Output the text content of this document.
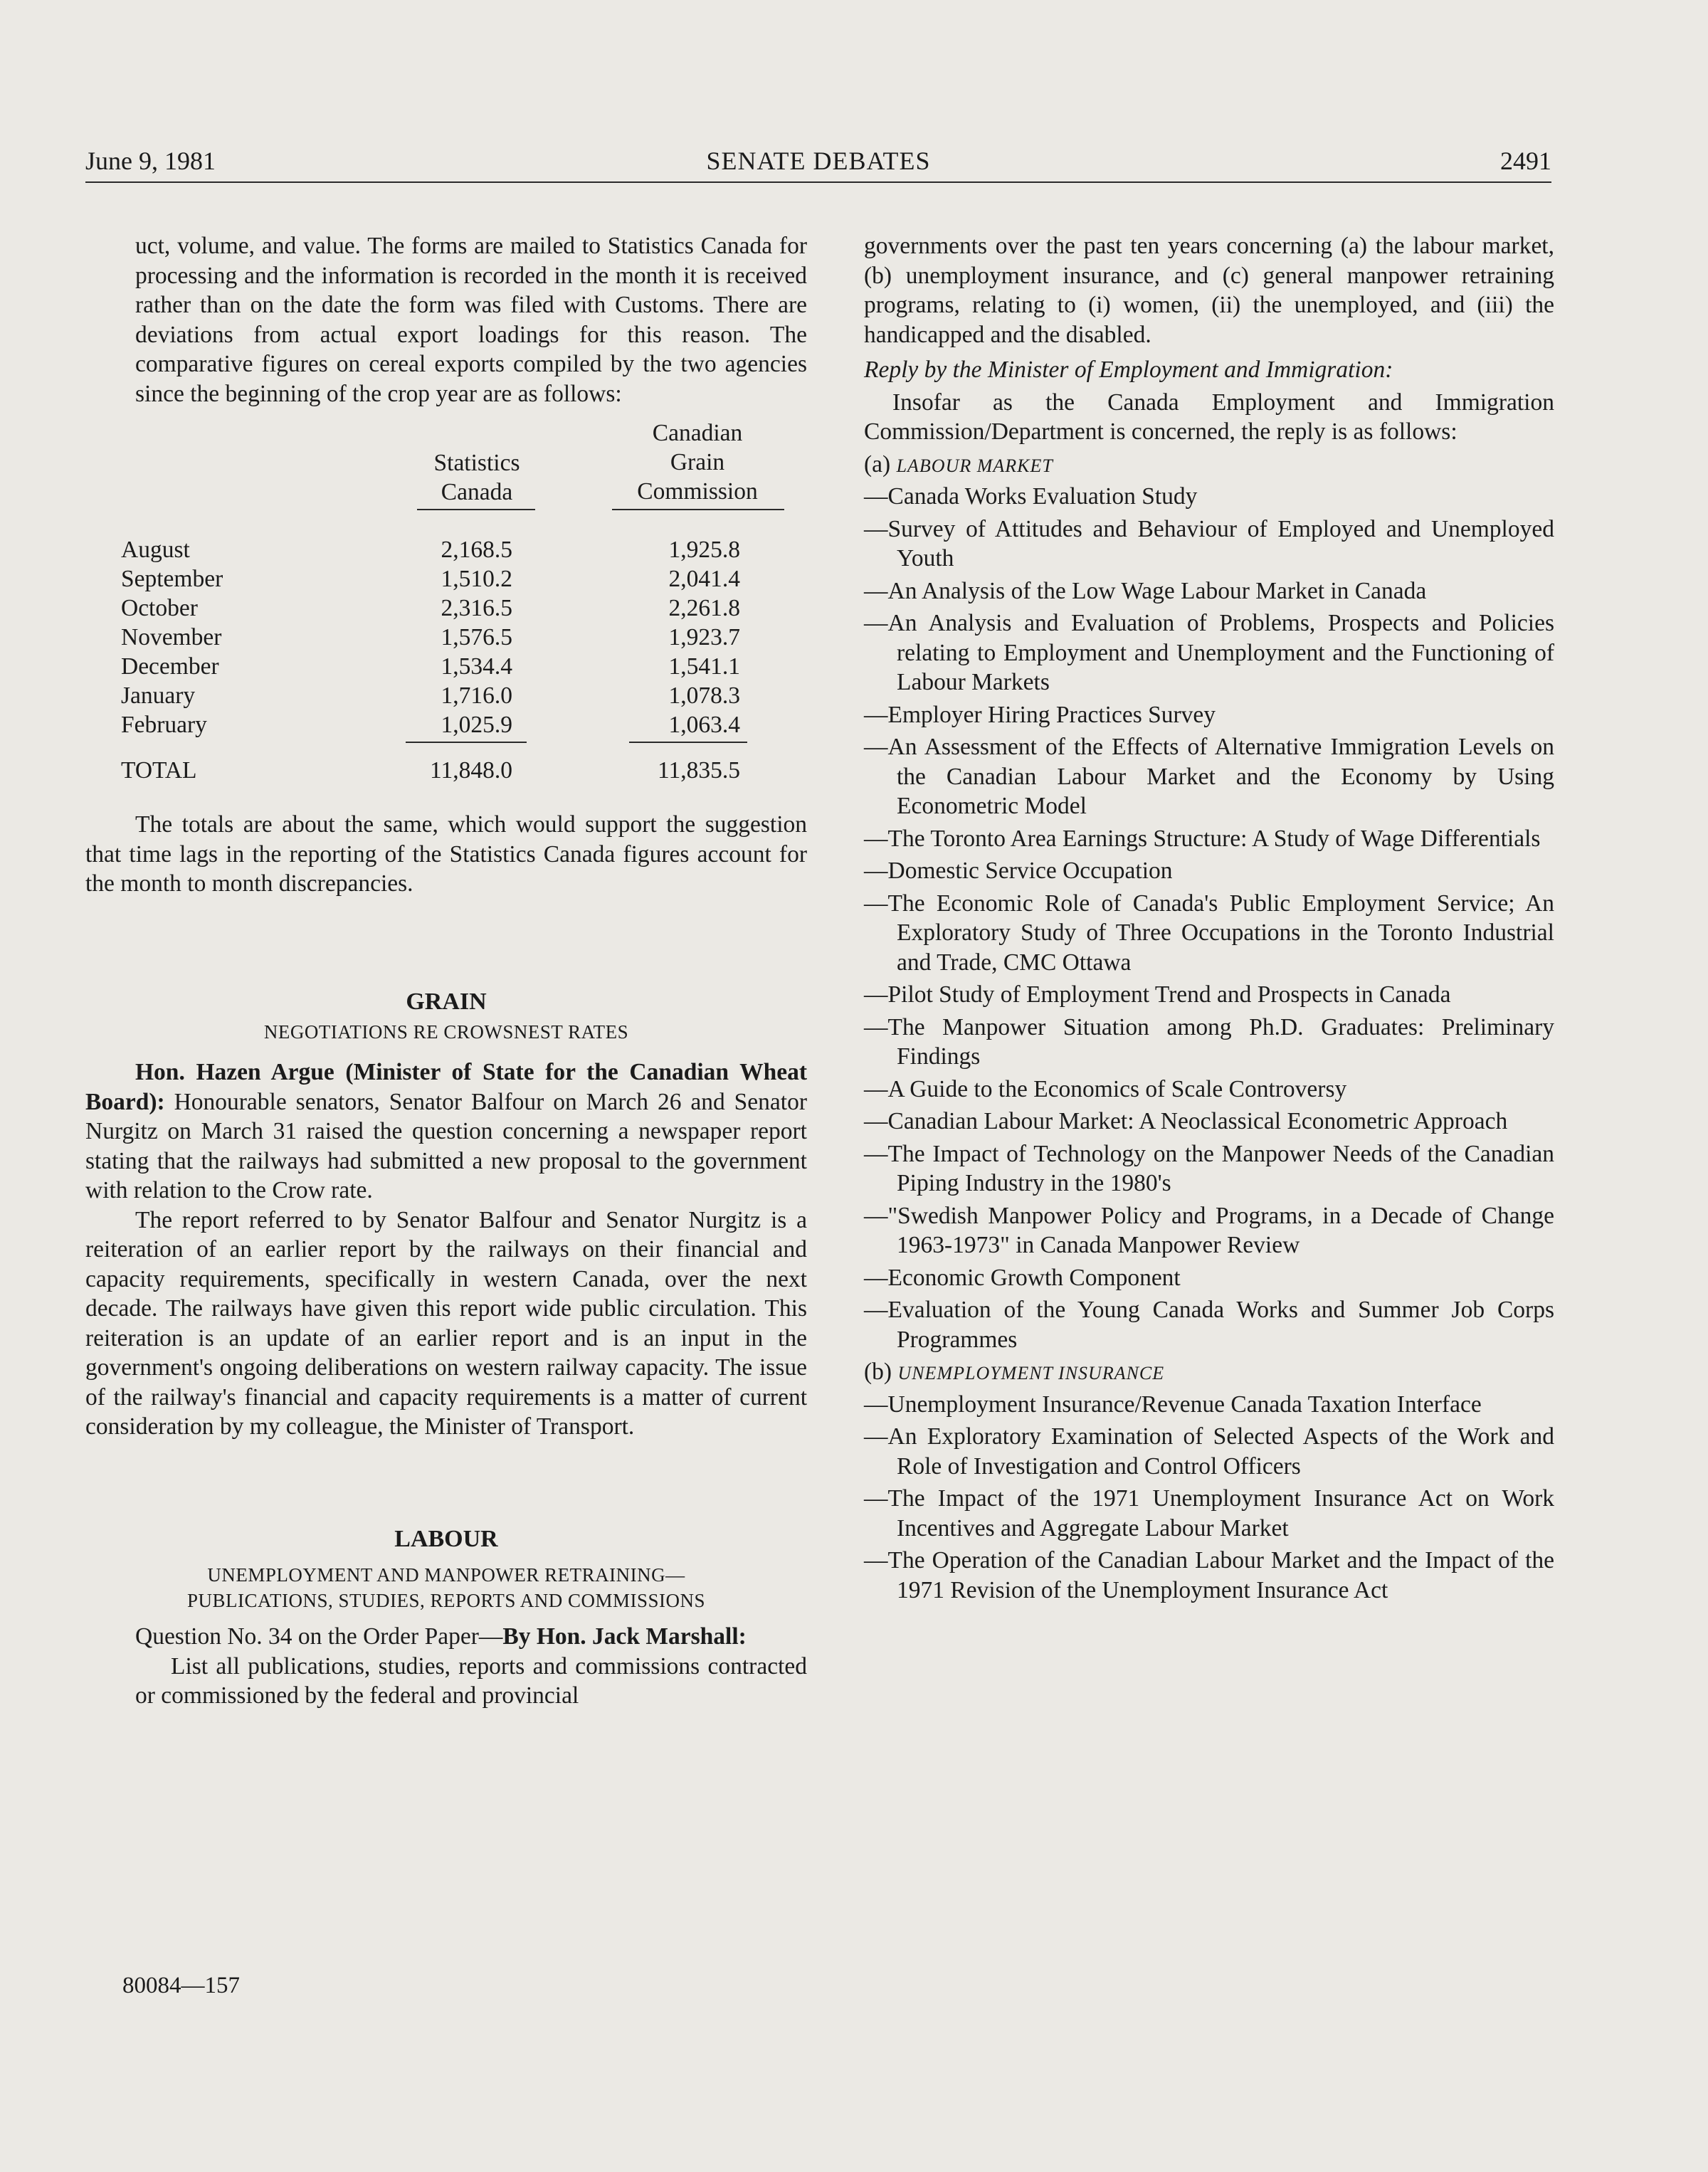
June 9, 1981	SENATE DEBATES	2491

uct, volume, and value. The forms are mailed to Statistics Canada for processing and the information is recorded in the month it is received rather than on the date the form was filed with Customs. There are deviations from actual export loadings for this reason. The comparative figures on cereal exports compiled by the two agencies since the beginning of the crop year are as follows:

Statistics
Canada
Canadian
Grain
Commission
August	2,168.5	1,925.8
September	1,510.2	2,041.4
October	2,316.5	2,261.8
November	1,576.5	1,923.7
December	1,534.4	1,541.1
January	1,716.0	1,078.3
February	1,025.9	1,063.4
TOTAL	11,848.0	11,835.5

The totals are about the same, which would support the suggestion that time lags in the reporting of the Statistics Canada figures account for the month to month discrepancies.

GRAIN
NEGOTIATIONS RE CROWSNEST RATES

Hon. Hazen Argue (Minister of State for the Canadian Wheat Board): Honourable senators, Senator Balfour on March 26 and Senator Nurgitz on March 31 raised the question concerning a newspaper report stating that the railways had submitted a new proposal to the government with relation to the Crow rate.

The report referred to by Senator Balfour and Senator Nurgitz is a reiteration of an earlier report by the railways on their financial and capacity requirements, specifically in western Canada, over the next decade. The railways have given this report wide public circulation. This reiteration is an update of an earlier report and is an input in the government's ongoing deliberations on western railway capacity. The issue of the railway's financial and capacity requirements is a matter of current consideration by my colleague, the Minister of Transport.

LABOUR
UNEMPLOYMENT AND MANPOWER RETRAINING—
PUBLICATIONS, STUDIES, REPORTS AND COMMISSIONS

Question No. 34 on the Order Paper—By Hon. Jack Marshall:

List all publications, studies, reports and commissions contracted or commissioned by the federal and provincial

governments over the past ten years concerning (a) the labour market, (b) unemployment insurance, and (c) general manpower retraining programs, relating to (i) women, (ii) the unemployed, and (iii) the handicapped and the disabled.

Reply by the Minister of Employment and Immigration:

Insofar as the Canada Employment and Immigration Commission/Department is concerned, the reply is as follows:

(a) LABOUR MARKET

—Canada Works Evaluation Study

—Survey of Attitudes and Behaviour of Employed and Unemployed Youth

—An Analysis of the Low Wage Labour Market in Canada

—An Analysis and Evaluation of Problems, Prospects and Policies relating to Employment and Unemployment and the Functioning of Labour Markets

—Employer Hiring Practices Survey

—An Assessment of the Effects of Alternative Immigration Levels on the Canadian Labour Market and the Economy by Using Econometric Model

—The Toronto Area Earnings Structure: A Study of Wage Differentials

—Domestic Service Occupation

—The Economic Role of Canada's Public Employment Service; An Exploratory Study of Three Occupations in the Toronto Industrial and Trade, CMC Ottawa

—Pilot Study of Employment Trend and Prospects in Canada

—The Manpower Situation among Ph.D. Graduates: Preliminary Findings

—A Guide to the Economics of Scale Controversy

—Canadian Labour Market: A Neoclassical Econometric Approach

—The Impact of Technology on the Manpower Needs of the Canadian Piping Industry in the 1980's

—"Swedish Manpower Policy and Programs, in a Decade of Change 1963-1973" in Canada Manpower Review

—Economic Growth Component

—Evaluation of the Young Canada Works and Summer Job Corps Programmes

(b) UNEMPLOYMENT INSURANCE

—Unemployment Insurance/Revenue Canada Taxation Interface

—An Exploratory Examination of Selected Aspects of the Work and Role of Investigation and Control Officers

—The Impact of the 1971 Unemployment Insurance Act on Work Incentives and Aggregate Labour Market

—The Operation of the Canadian Labour Market and the Impact of the 1971 Revision of the Unemployment Insurance Act

80084—157
